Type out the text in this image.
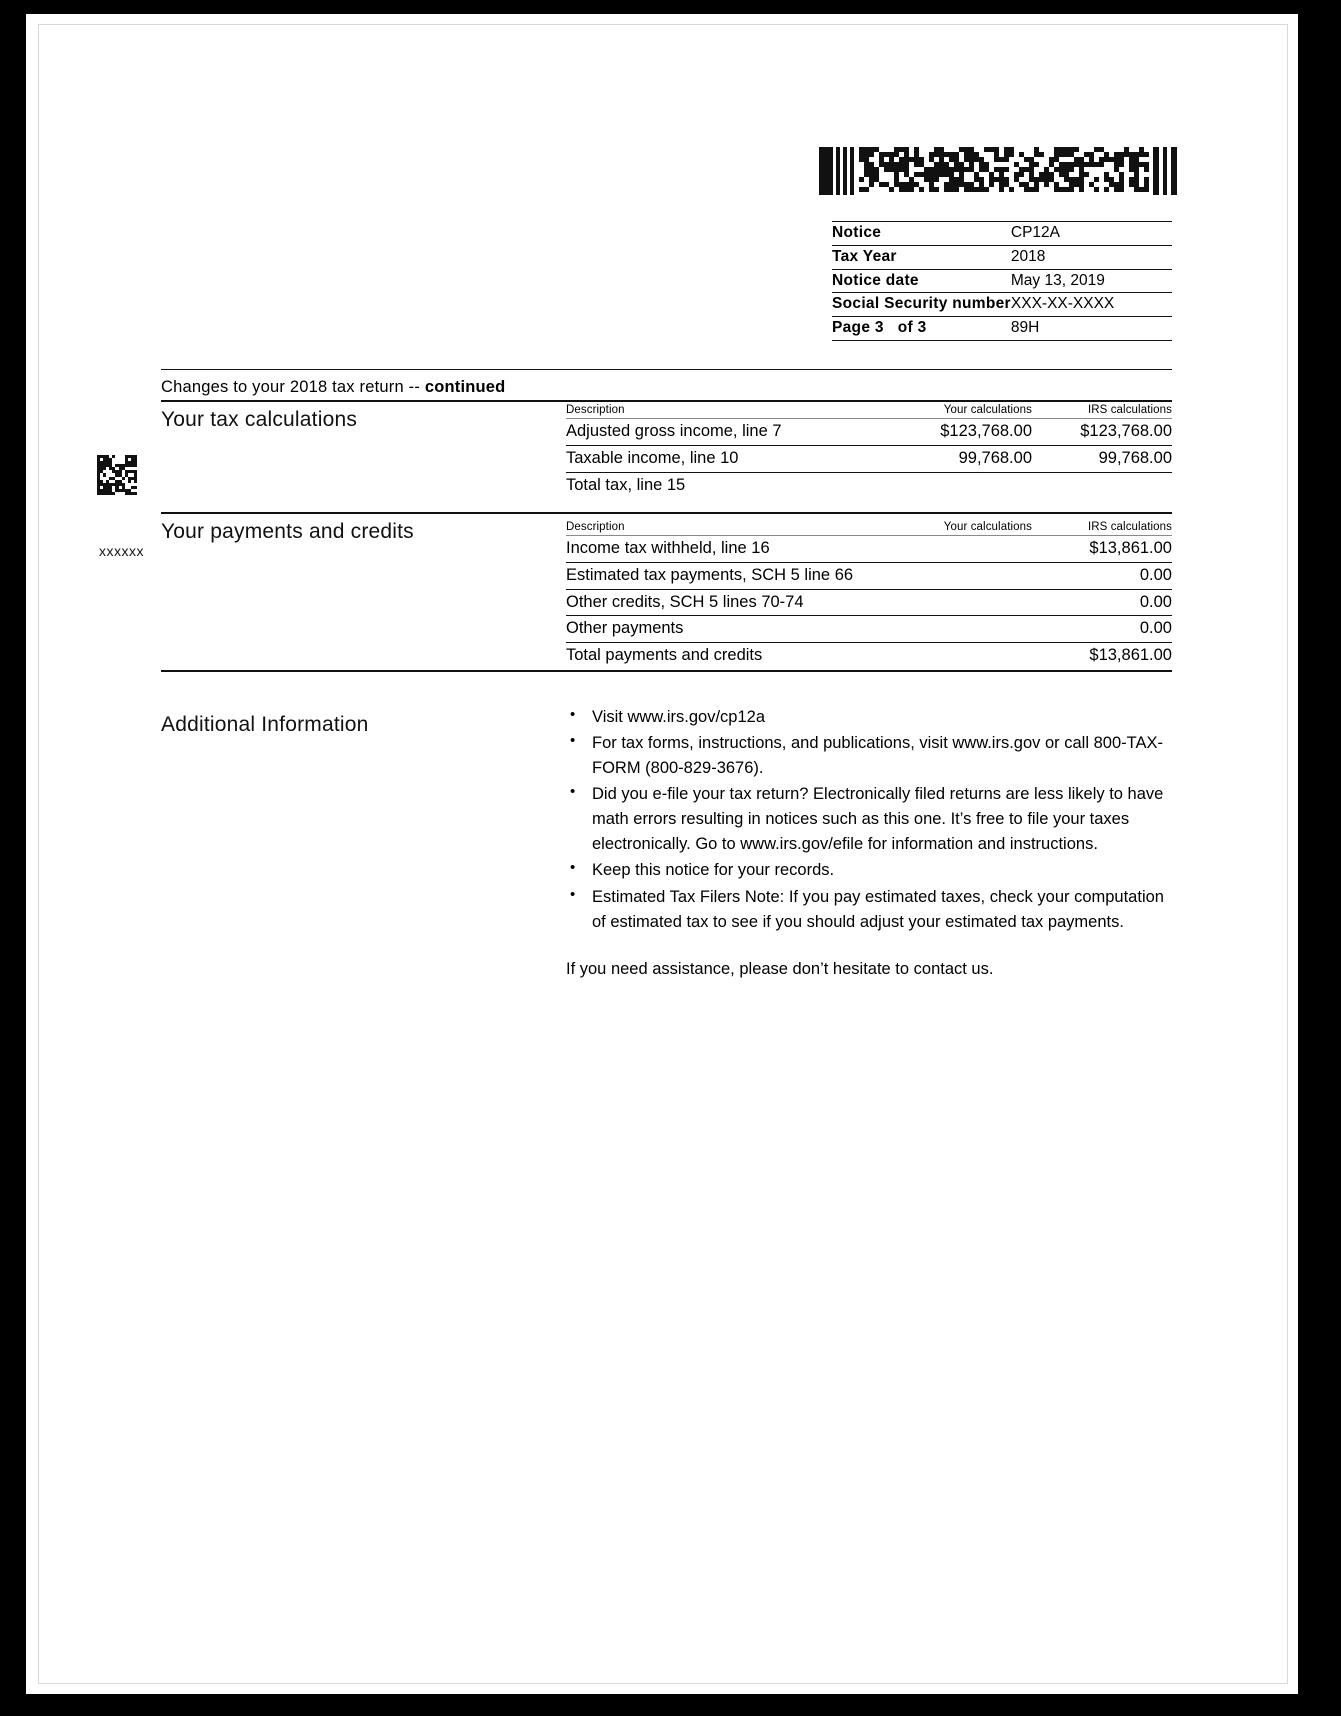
Notice	CP12A
Tax Year	2018
Notice date	May 13, 2019
Social Security number	XXX-XX-XXXX
Page 3 of 3	89H
Changes to your 2018 tax return -- continued
Your tax calculations	Description	Your calculations	IRS calculations
Adjusted gross income, line 7	$123,768.00	$123,768.00
Taxable income, line 10	99,768.00	99,768.00
Total tax, line 15		
Your payments and credits	Description	Your calculations	IRS calculations
Income tax withheld, line 16		$13,861.00
Estimated tax payments, SCH 5 line 66		0.00
Other credits, SCH 5 lines 70-74		0.00
Other payments		0.00
Total payments and credits		$13,861.00
Additional Information	• Visit www.irs.gov/cp12a
• For tax forms, instructions, and publications, visit www.irs.gov or call 800-TAX-FORM (800-829-3676).
• Did you e-file your tax return? Electronically filed returns are less likely to have math errors resulting in notices such as this one. It’s free to file your taxes electronically. Go to www.irs.gov/efile for information and instructions.
• Keep this notice for your records.
• Estimated Tax Filers Note: If you pay estimated taxes, check your computation of estimated tax to see if you should adjust your estimated tax payments.
If you need assistance, please don’t hesitate to contact us.
xxxxxx
